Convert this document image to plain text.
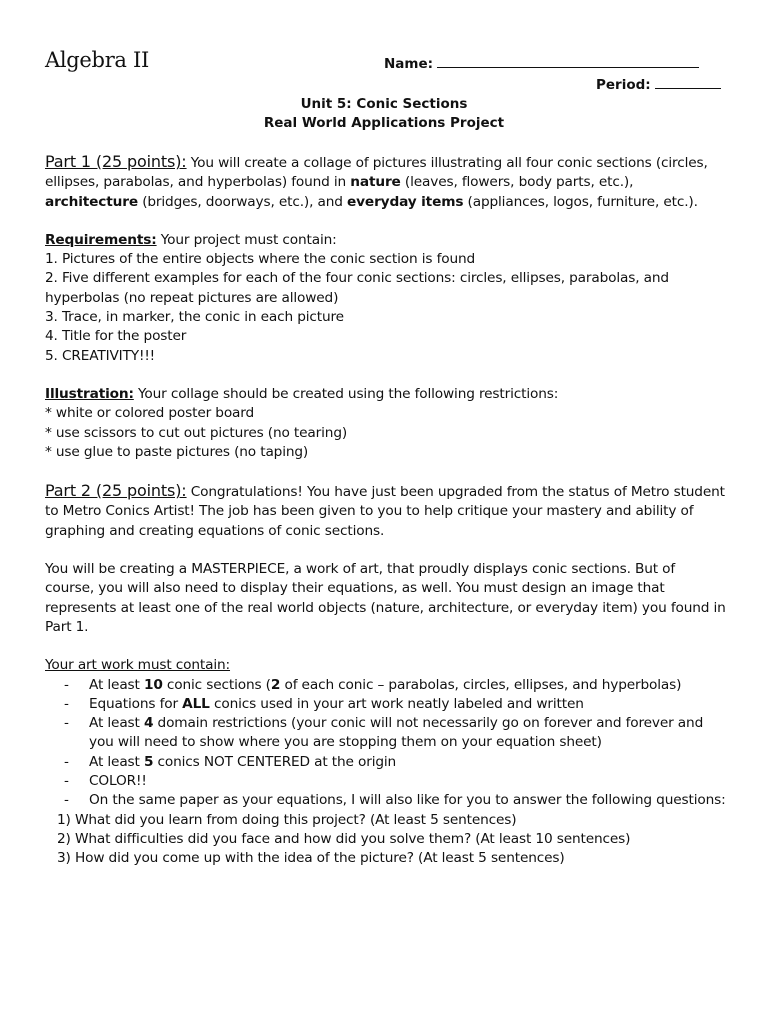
Algebra II	Name:
Period:
Unit 5: Conic Sections
Real World Applications Project

Part 1 (25 points): You will create a collage of pictures illustrating all four conic sections (circles, ellipses, parabolas, and hyperbolas) found in nature (leaves, flowers, body parts, etc.), architecture (bridges, doorways, etc.), and everyday items (appliances, logos, furniture, etc.).

Requirements: Your project must contain:

1. Pictures of the entire objects where the conic section is found

2. Five different examples for each of the four conic sections: circles, ellipses, parabolas, and hyperbolas (no repeat pictures are allowed)

3. Trace, in marker, the conic in each picture

4. Title for the poster

5. CREATIVITY!!!

Illustration: Your collage should be created using the following restrictions:

* white or colored poster board

* use scissors to cut out pictures (no tearing)

* use glue to paste pictures (no taping)

Part 2 (25 points): Congratulations! You have just been upgraded from the status of Metro student to Metro Conics Artist! The job has been given to you to help critique your mastery and ability of graphing and creating equations of conic sections.

You will be creating a MASTERPIECE, a work of art, that proudly displays conic sections. But of course, you will also need to display their equations, as well. You must design an image that represents at least one of the real world objects (nature, architecture, or everyday item) you found in Part 1.

Your art work must contain:

- At least 10 conic sections (2 of each conic – parabolas, circles, ellipses, and hyperbolas)
- Equations for ALL conics used in your art work neatly labeled and written
- At least 4 domain restrictions (your conic will not necessarily go on forever and forever and you will need to show where you are stopping them on your equation sheet)
- At least 5 conics NOT CENTERED at the origin
- COLOR!!
- On the same paper as your equations, I will also like for you to answer the following questions:

1) What did you learn from doing this project? (At least 5 sentences)

2) What difficulties did you face and how did you solve them? (At least 10 sentences)

3) How did you come up with the idea of the picture? (At least 5 sentences)
